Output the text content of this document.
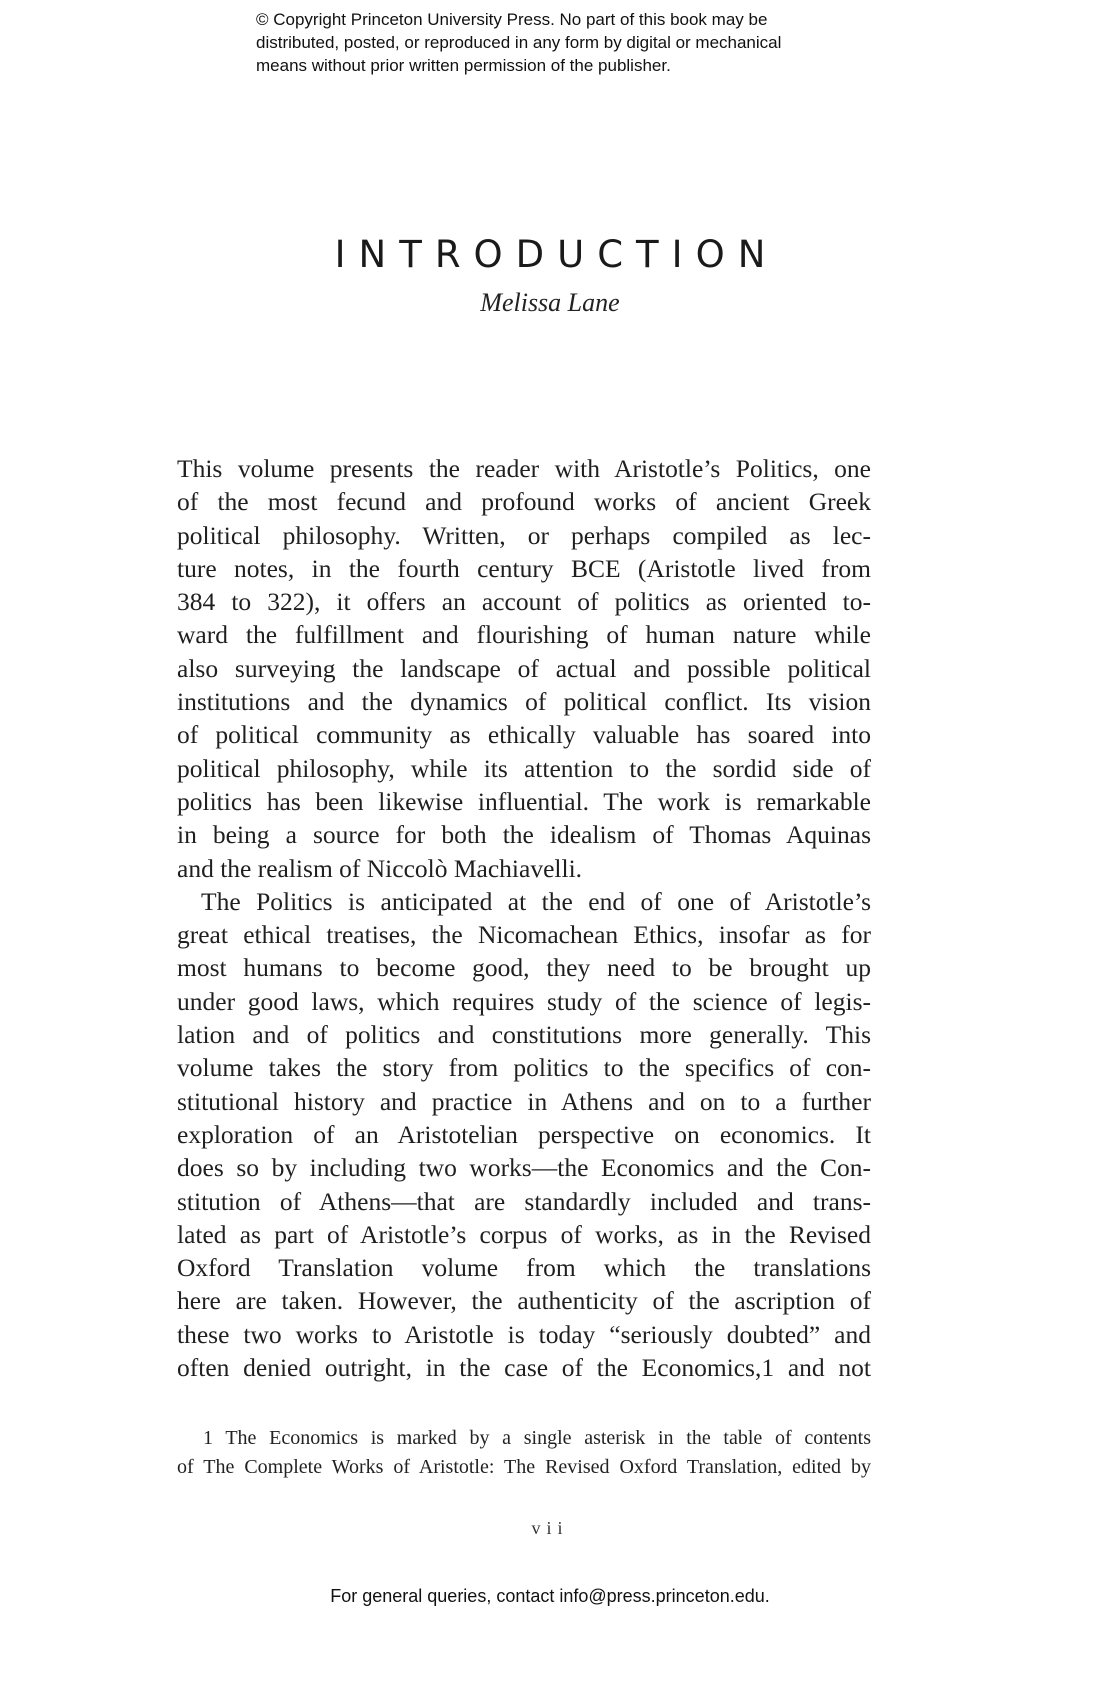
© Copyright Princeton University Press. No part of this book may be
distributed, posted, or reproduced in any form by digital or mechanical
means without prior written permission of the publisher.
INTRODUCTION
Melissa Lane
This volume presents the reader with Aristotle’s Politics, one
of the most fecund and profound works of ancient Greek
political philosophy. Written, or perhaps compiled as lec-
ture notes, in the fourth century BCE (Aristotle lived from
384 to 322), it offers an account of politics as oriented to-
ward the fulfillment and flourishing of human nature while
also surveying the landscape of actual and possible political
institutions and the dynamics of political conflict. Its vision
of political community as ethically valuable has soared into
political philosophy, while its attention to the sordid side of
politics has been likewise influential. The work is remarkable
in being a source for both the idealism of Thomas Aquinas
and the realism of Niccolò Machiavelli.
The Politics is anticipated at the end of one of Aristotle’s
great ethical treatises, the Nicomachean Ethics, insofar as for
most humans to become good, they need to be brought up
under good laws, which requires study of the science of legis-
lation and of politics and constitutions more generally. This
volume takes the story from politics to the specifics of con-
stitutional history and practice in Athens and on to a further
exploration of an Aristotelian perspective on economics. It
does so by including two works—the Economics and the Con-
stitution of Athens—that are standardly included and trans-
lated as part of Aristotle’s corpus of works, as in the Revised
Oxford Translation volume from which the translations
here are taken. However, the authenticity of the ascription of
these two works to Aristotle is today “seriously doubted” and
often denied outright, in the case of the Economics,1 and not
1 The Economics is marked by a single asterisk in the table of contents
of The Complete Works of Aristotle: The Revised Oxford Translation, edited by
vii
For general queries, contact info@press.princeton.edu.
